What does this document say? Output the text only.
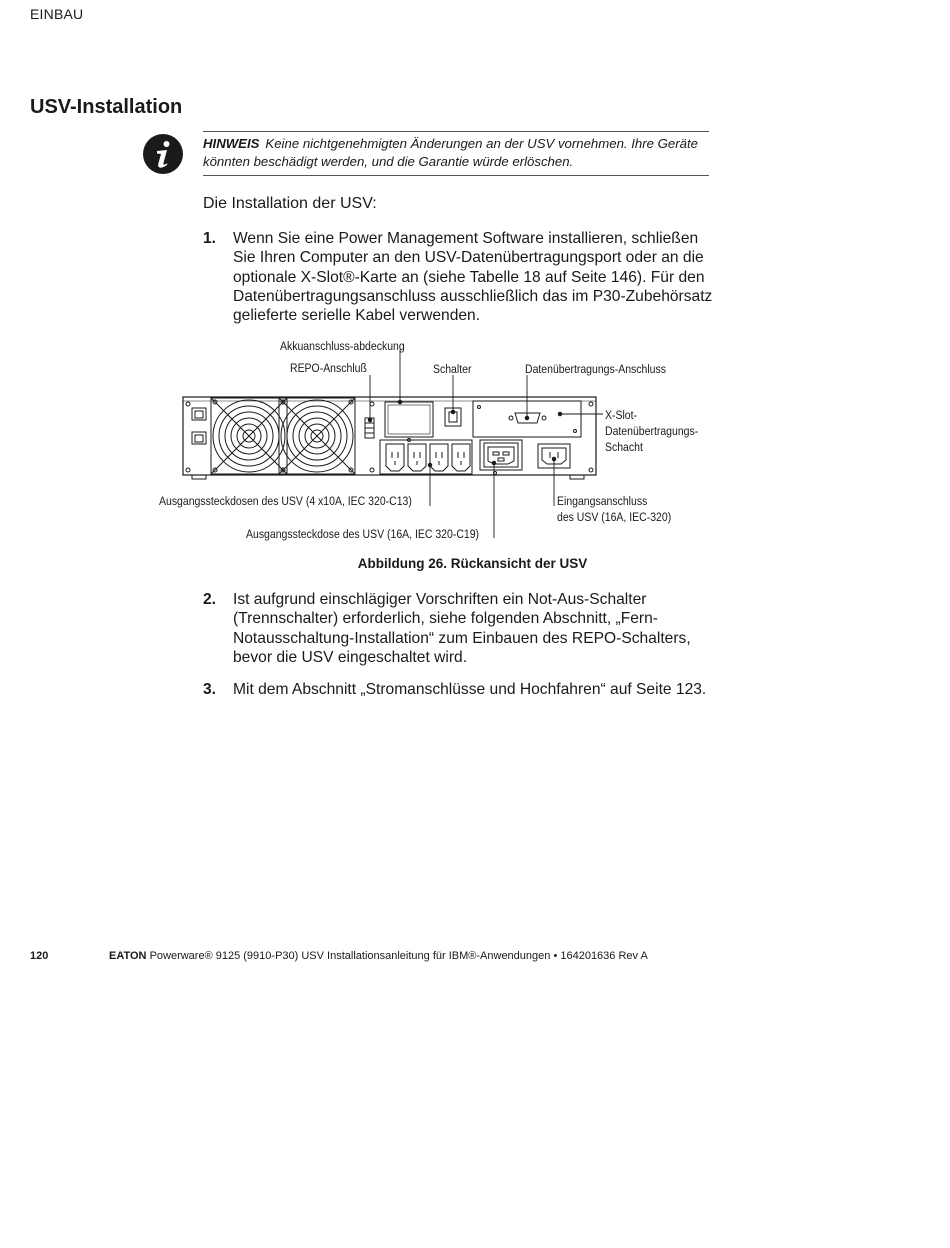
EINBAU
USV-Installation
HINWEIS Keine nichtgenehmigten Änderungen an der USV vornehmen. Ihre Geräte könnten beschädigt werden, und die Garantie würde erlöschen.
Die Installation der USV:
1. Wenn Sie eine Power Management Software installieren, schließen Sie Ihren Computer an den USV-Datenübertragungsport oder an die optionale X-Slot®-Karte an (siehe Tabelle 18 auf Seite 146). Für den Datenübertragungsanschluss ausschließlich das im P30-Zubehörsatz gelieferte serielle Kabel verwenden.
Akkuanschluss-abdeckung
REPO-Anschluß	Schalter	Datenübertragungs-Anschluss
X-Slot-
Datenübertragungs-
Schacht
Ausgangssteckdosen des USV (4 x10A, IEC 320-C13)
Ausgangssteckdose des USV (16A, IEC 320-C19)
Eingangsanschluss
des USV (16A, IEC-320)
Abbildung 26. Rückansicht der USV
2. Ist aufgrund einschlägiger Vorschriften ein Not-Aus-Schalter (Trennschalter) erforderlich, siehe folgenden Abschnitt, „Fern-Notausschaltung-Installation“ zum Einbauen des REPO-Schalters, bevor die USV eingeschaltet wird.
3. Mit dem Abschnitt „Stromanschlüsse und Hochfahren“ auf Seite 123.
120	EATON Powerware® 9125 (9910-P30) USV Installationsanleitung für IBM®-Anwendungen • 164201636 Rev A
